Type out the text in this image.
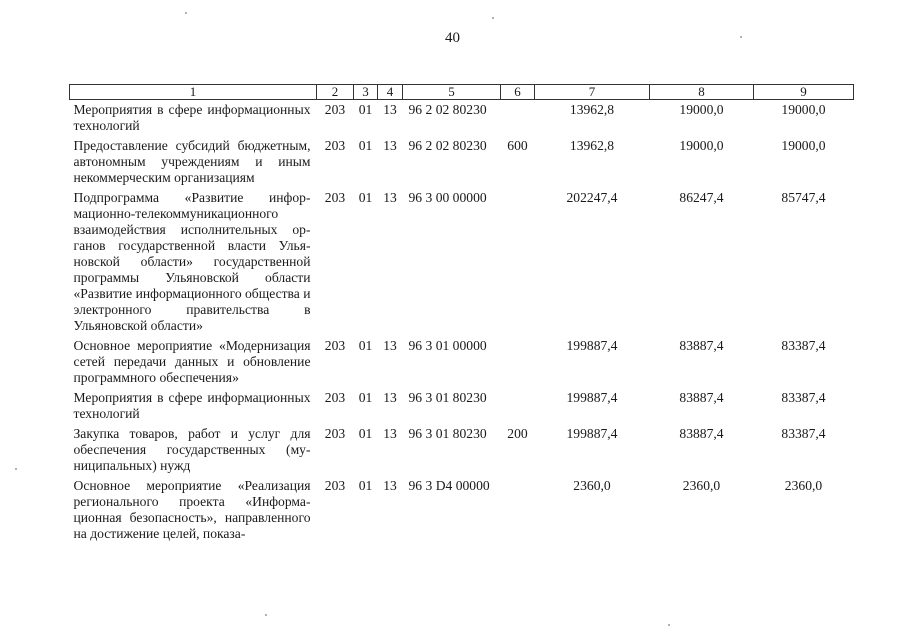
40
1	2	3	4	5	6	7	8	9
Мероприятия в сфере информационных технологий	203	01	13	96 2 02 80230		13962,8	19000,0	19000,0
Предоставление субсидий бюджетным, автономным учреждениям и иным некоммерческим организациям	203	01	13	96 2 02 80230	600	13962,8	19000,0	19000,0
Подпрограмма «Развитие информационно-телекоммуникационного взаимодействия исполнительных органов государственной власти Ульяновской области» государственной программы Ульяновской области «Развитие информационного общества и электронного правительства в Ульяновской области»	203	01	13	96 3 00 00000		202247,4	86247,4	85747,4
Основное мероприятие «Модернизация сетей передачи данных и обновление программного обеспечения»	203	01	13	96 3 01 00000		199887,4	83887,4	83387,4
Мероприятия в сфере информационных технологий	203	01	13	96 3 01 80230		199887,4	83887,4	83387,4
Закупка товаров, работ и услуг для обеспечения государственных (муниципальных) нужд	203	01	13	96 3 01 80230	200	199887,4	83887,4	83387,4
Основное мероприятие «Реализация регионального проекта «Информационная безопасность», направленного на достижение целей, показа-	203	01	13	96 3 D4 00000		2360,0	2360,0	2360,0
